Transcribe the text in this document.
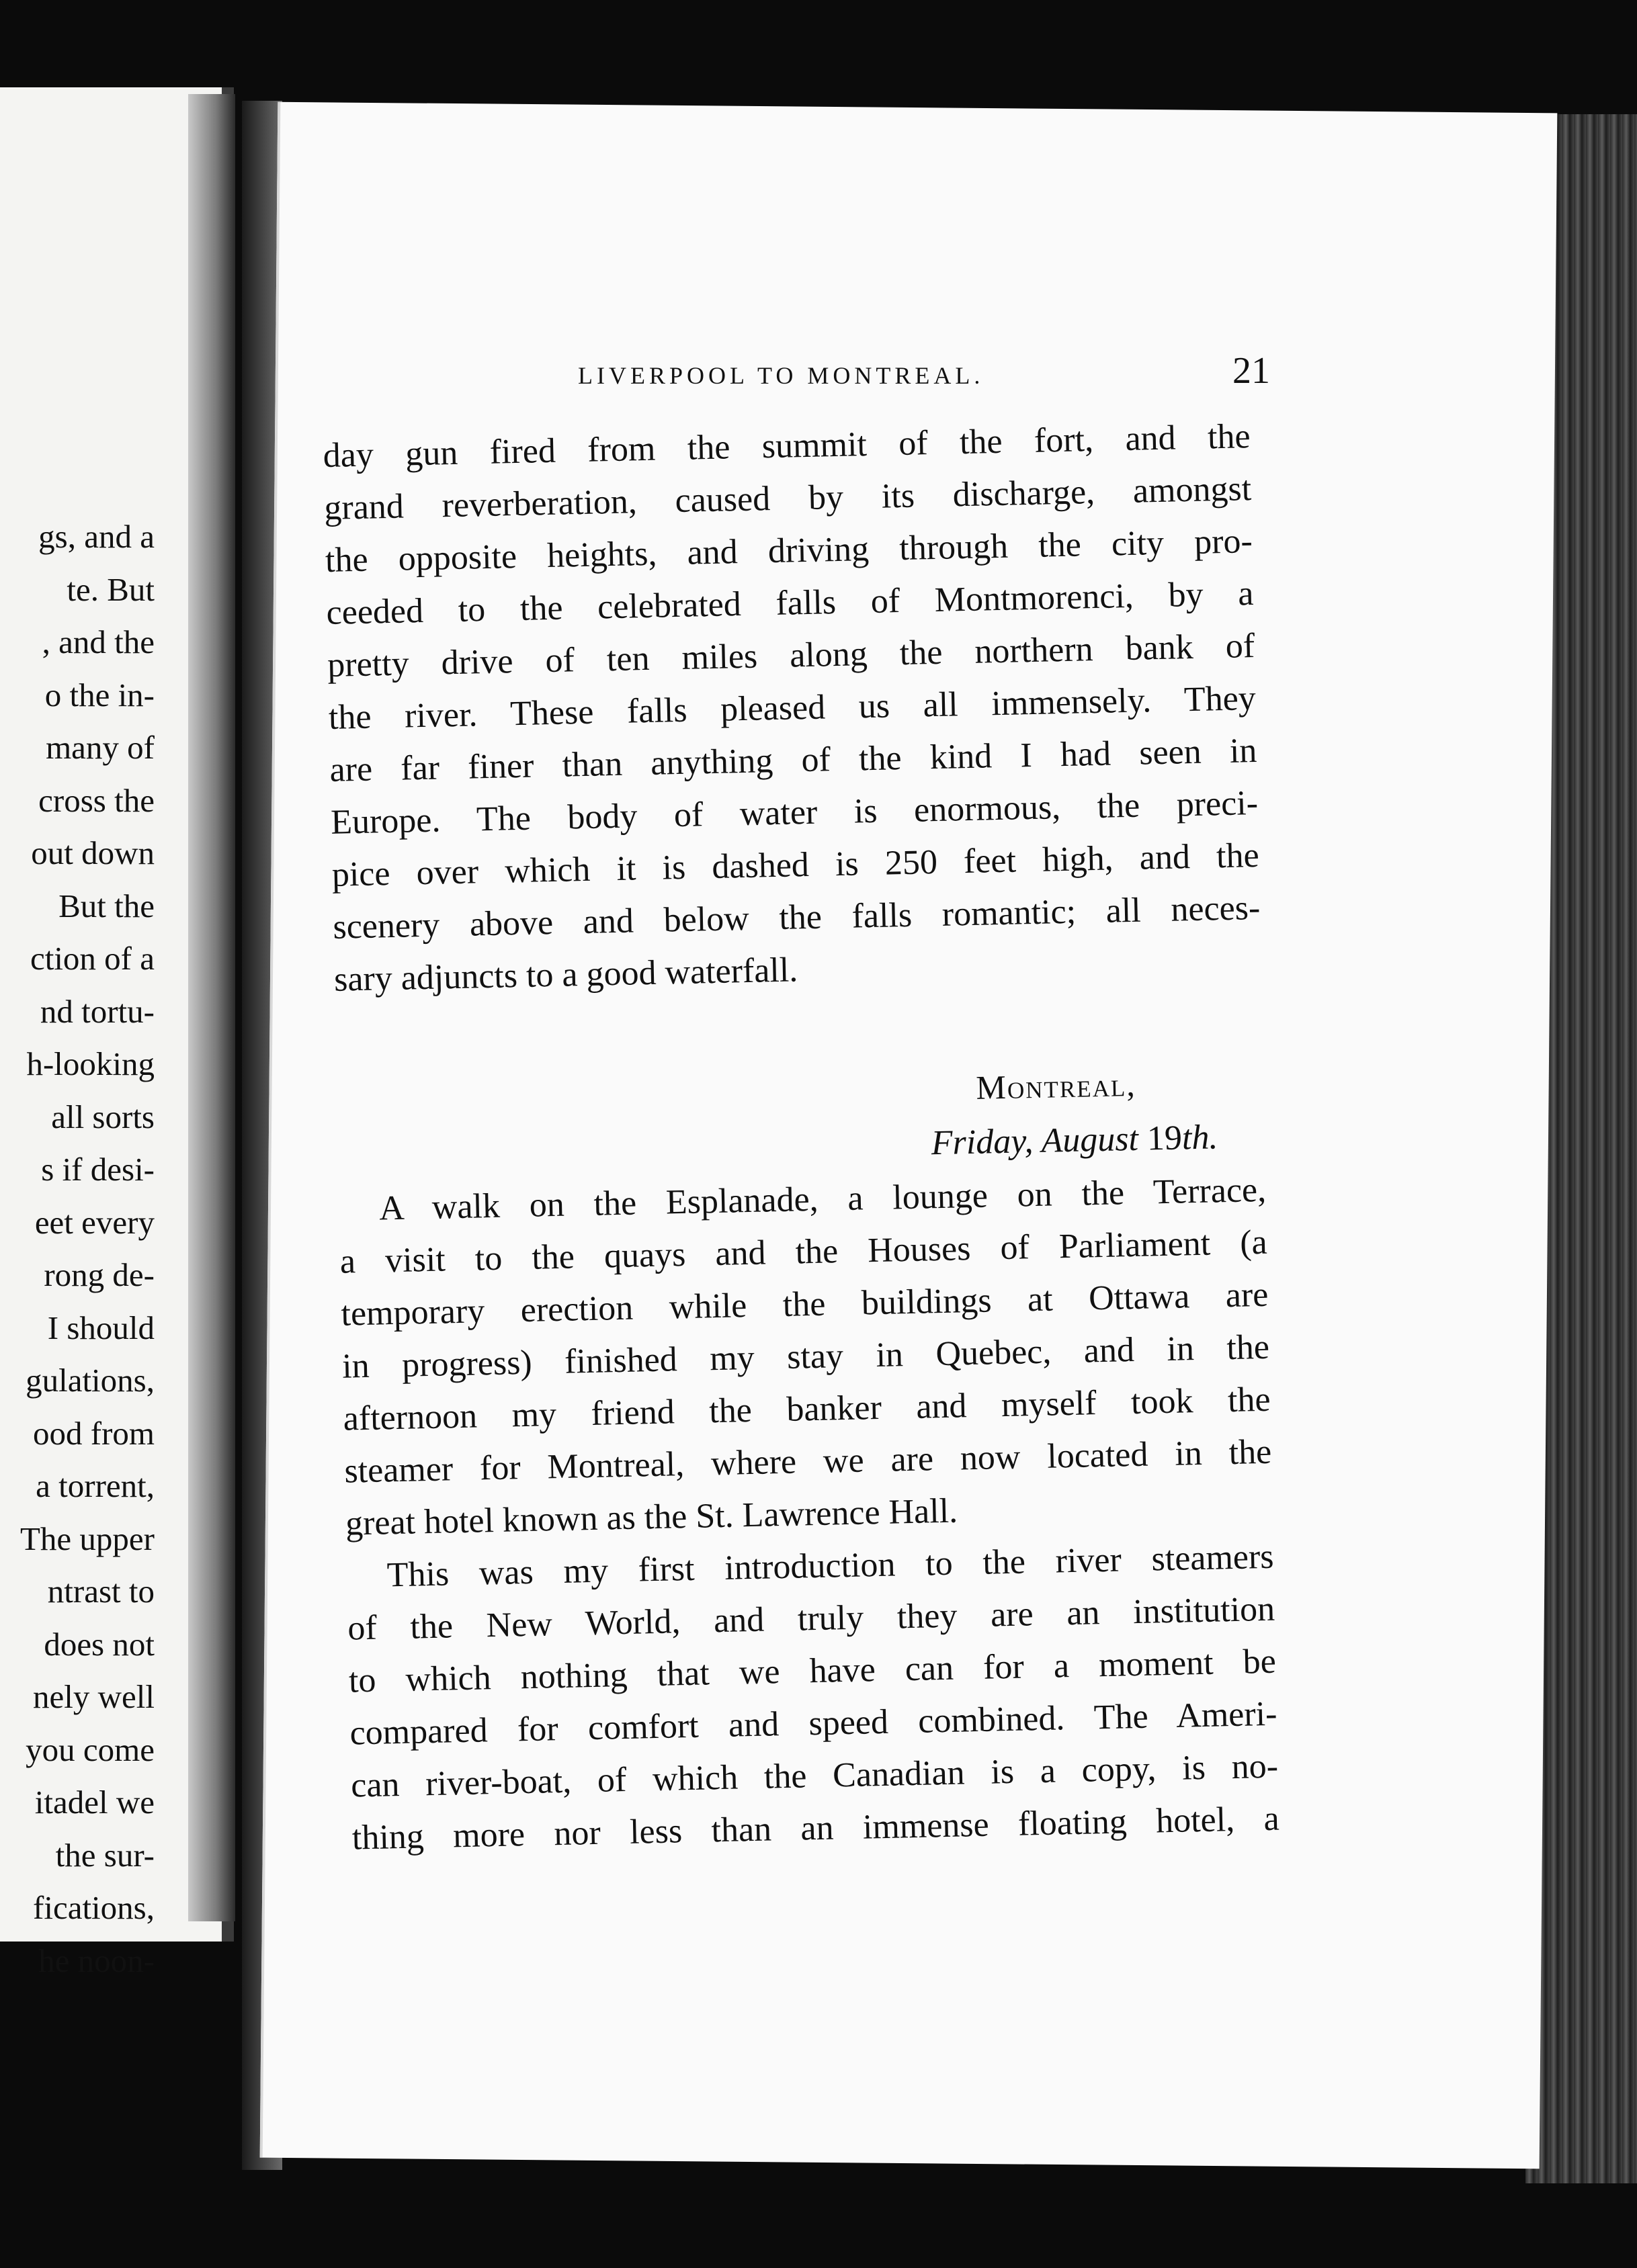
gs, and a
te. But
, and the
o the in-
many of
cross the
out down
But the
ction of a
nd tortu-
h-looking
all sorts
s if desi-
eet every
rong de-
I should
gulations,
ood from
a torrent,
The upper
ntrast to
does not
nely well
you come
itadel we
the sur-
fications,
he noon-
LIVERPOOL TO MONTREAL.	21
day gun fired from the summit of the fort, and the
grand reverberation, caused by its discharge, amongst
the opposite heights, and driving through the city pro-
ceeded to the celebrated falls of Montmorenci, by a
pretty drive of ten miles along the northern bank of
the river. These falls pleased us all immensely. They
are far finer than anything of the kind I had seen in
Europe. The body of water is enormous, the preci-
pice over which it is dashed is 250 feet high, and the
scenery above and below the falls romantic; all neces-
sary adjuncts to a good waterfall.
Montreal,
Friday, August 19th.
A walk on the Esplanade, a lounge on the Terrace,
a visit to the quays and the Houses of Parliament (a
temporary erection while the buildings at Ottawa are
in progress) finished my stay in Quebec, and in the
afternoon my friend the banker and myself took the
steamer for Montreal, where we are now located in the
great hotel known as the St. Lawrence Hall.
This was my first introduction to the river steamers
of the New World, and truly they are an institution
to which nothing that we have can for a moment be
compared for comfort and speed combined. The Ameri-
can river-boat, of which the Canadian is a copy, is no-
thing more nor less than an immense floating hotel, a
